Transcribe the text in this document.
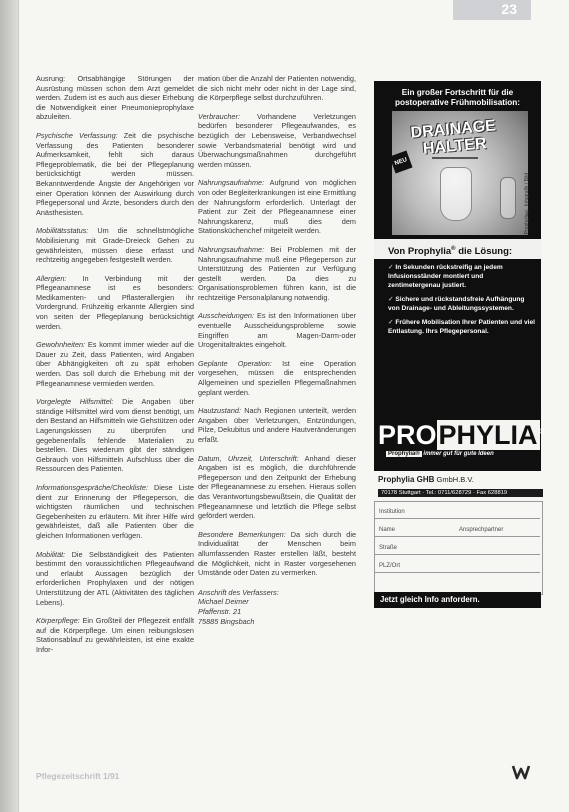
23

Ausrung: Ortsabhängige Störungen der Ausrüstung müssen schon dem Arzt gemeldet werden. Zudem ist es auch aus dieser Erhebung die Notwendigkeit einer Pneumonieprophylaxe abzuleiten.

Psychische Verfassung: Zeit die psychische Verfassung des Patienten besonderer Aufmerksamkeit, fehlt sich daraus Pflegeproblematik, die bei der Pflegeplanung berücksichtigt werden müssen. Bekanntwerdende Ängste der Angehörigen vor einer Operation können der Auswirkung durch Pflegepersonal und Ärzte, besonders durch den Anästhesisten.

Mobilitätsstatus: Um die schnellstmögliche Mobilisierung mit Grade-Dreieck Gehen zu gewährleisten, müssen diese erfasst und rechtzeitig angegeben festgestellt werden.

Allergien: In Verbindung mit der Pflegeanamnese ist es besonders: Medikamenten- und Pflasterallergien ihr Vordergrund. Frühzeitig erkannte Allergien sind von seiten der Pflegeplanung berücksichtigt werden.

Gewohnheiten: Es kommt immer wieder auf die Dauer zu Zeit, dass Patienten, wird Angaben über Abhängigkeiten oft zu spät erhoben werden. Das soll durch die Erhebung mit der Pflegeanamnese vermieden werden.

Vorgelegte Hilfsmittel: Die Angaben über ständige Hilfsmittel wird vom dienst benötigt, um den Bestand an Hilfsmitteln wie Gehstützen oder Lagerungskissen zu überprüfen und gegebenenfalls fehlende Materialien zu bestellen. Dies wiederum gibt der ständigen Gebrauch von Hilfsmitteln Aufschluss über die Ressourcen des Patienten.

Informationsgespräche/Checkliste: Diese Liste dient zur Erinnerung der Pflegeperson, die wichtigsten räumlichen und technischen Gegebenheiten zu erläutern. Mit ihrer Hilfe wird gewährleistet, daß alle Patienten über die gleichen Informationen verfügen.

Mobilität: Die Selbständigkeit des Patienten bestimmt den voraussichtlichen Pflegeaufwand und erlaubt Aussagen bezüglich der erforderlichen Prophylaxen und der nötigen Unterstützung der ATL (Aktivitäten des täglichen Lebens).

Körperpflege: Ein Großteil der Pflegezeit entfällt auf die Körperpflege. Um einen reibungslosen Stationsablauf zu gewährleisten, ist eine exakte Infor-

mation über die Anzahl der Patienten notwendig, die sich nicht mehr oder nicht in der Lage sind, die Körperpflege selbst durchzuführen.

Verbraucher: Vorhandene Verletzungen bedürfen besonderer Pflegeaufwandes, es bezüglich der Lebensweise, Verbandwechsel sowie Verbandsmaterial benötigt wird und Überwachungsmaßnahmen durchgeführt werden müssen.

Nahrungsaufnahme: Aufgrund von möglichen von oder Begleiterkrankungen ist eine Ermittlung der Nahrungsform erforderlich. Unterlagt der Patient zur Zeit der Pflegeanamnese einer Nahrungskarenz, muß dies dem Stationsküchenchef mitgeteilt werden.

Nahrungsaufnahme: Bei Problemen mit der Nahrungsaufnahme muß eine Pflegeperson zur Unterstützung des Patienten zur Verfügung gestellt werden. Da dies zu Organisationsproblemen führen kann, ist die rechtzeitige Personalplanung notwendig.

Ausscheidungen: Es ist den Informationen über eventuelle Ausscheidungsprobleme sowie Eingriffen am Magen-Darm-oder Urogenitaltraktes eingeholt.

Geplante Operation: Ist eine Operation vorgesehen, müssen die entsprechenden Allgemeinen und speziellen Pflegemaßnahmen geplant werden.

Hautzustand: Nach Regionen unterteilt, werden Angaben über Verletzungen, Entzündungen, Pilze, Dekubitus und andere Hautveränderungen erfaßt.

Datum, Uhrzeit, Unterschrift: Anhand dieser Angaben ist es möglich, die durchführende Pflegeperson und den Zeitpunkt der Erhebung der Pflegeanamnese zu ersehen. Hieraus sollen das Verantwortungsbewußtsein, die Qualität der Pflegeanamnese und letztlich die Pflege selbst gefördert werden.

Besondere Bemerkungen: Da sich durch die Individualität der Menschen beim allumfassenden Raster erstellen läßt, besteht die Möglichkeit, nicht in Raster vorgesehenen Umstände oder Daten zu vermerken.

Anschrift des Verfassers:
Michael Deimer
Pfaffenstr. 21
75885 Bingsbach
Ein großer Fortschritt für die
postoperative Frühmobilisation:
DRAINAGE
HALTER
NEU
Prophylia® Infografik / Bild
Von Prophylia® die Lösung:
✓ In Sekunden rückstreifig an jedem Infusionsständer montiert und zentimetergenau justiert.
✓ Sichere und rückstandsfreie Aufhängung von Drainage- und Ableitungssystemen.
✓ Frühere Mobilisation Ihrer Patienten und viel Entlastung. Ihrs Pflegepersonal.
PROPHYLIA ®
Prophylia® immer gut für gute Ideen
Prophylia GHB GmbH.B.V.
70178 Stuttgart · Tel.: 0711/628729 · Fax 628819
Institution
Name	Ansprechpartner
Straße
PLZ/Ort
Jetzt gleich Info anfordern.
Pflegezeitschrift 1/91
